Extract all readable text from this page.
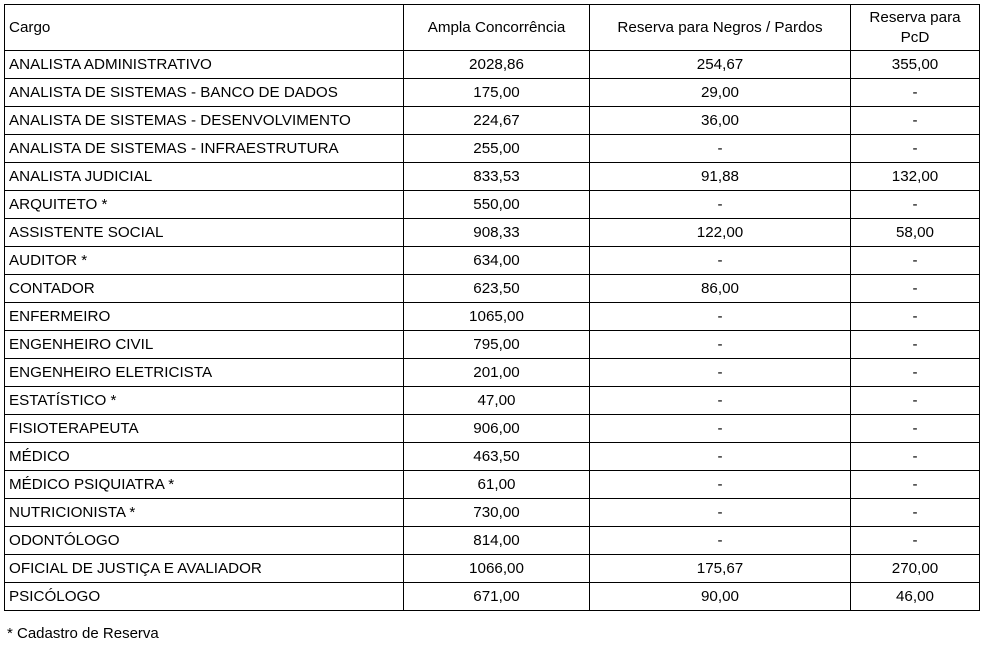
Cargo	Ampla Concorrência	Reserva para Negros / Pardos	Reserva para PcD
ANALISTA ADMINISTRATIVO	2028,86	254,67	355,00
ANALISTA DE SISTEMAS - BANCO DE DADOS	175,00	29,00	-
ANALISTA DE SISTEMAS - DESENVOLVIMENTO	224,67	36,00	-
ANALISTA DE SISTEMAS - INFRAESTRUTURA	255,00	-	-
ANALISTA JUDICIAL	833,53	91,88	132,00
ARQUITETO *	550,00	-	-
ASSISTENTE SOCIAL	908,33	122,00	58,00
AUDITOR *	634,00	-	-
CONTADOR	623,50	86,00	-
ENFERMEIRO	1065,00	-	-
ENGENHEIRO CIVIL	795,00	-	-
ENGENHEIRO ELETRICISTA	201,00	-	-
ESTATÍSTICO *	47,00	-	-
FISIOTERAPEUTA	906,00	-	-
MÉDICO	463,50	-	-
MÉDICO PSIQUIATRA *	61,00	-	-
NUTRICIONISTA *	730,00	-	-
ODONTÓLOGO	814,00	-	-
OFICIAL DE JUSTIÇA E AVALIADOR	1066,00	175,67	270,00
PSICÓLOGO	671,00	90,00	46,00
* Cadastro de Reserva
